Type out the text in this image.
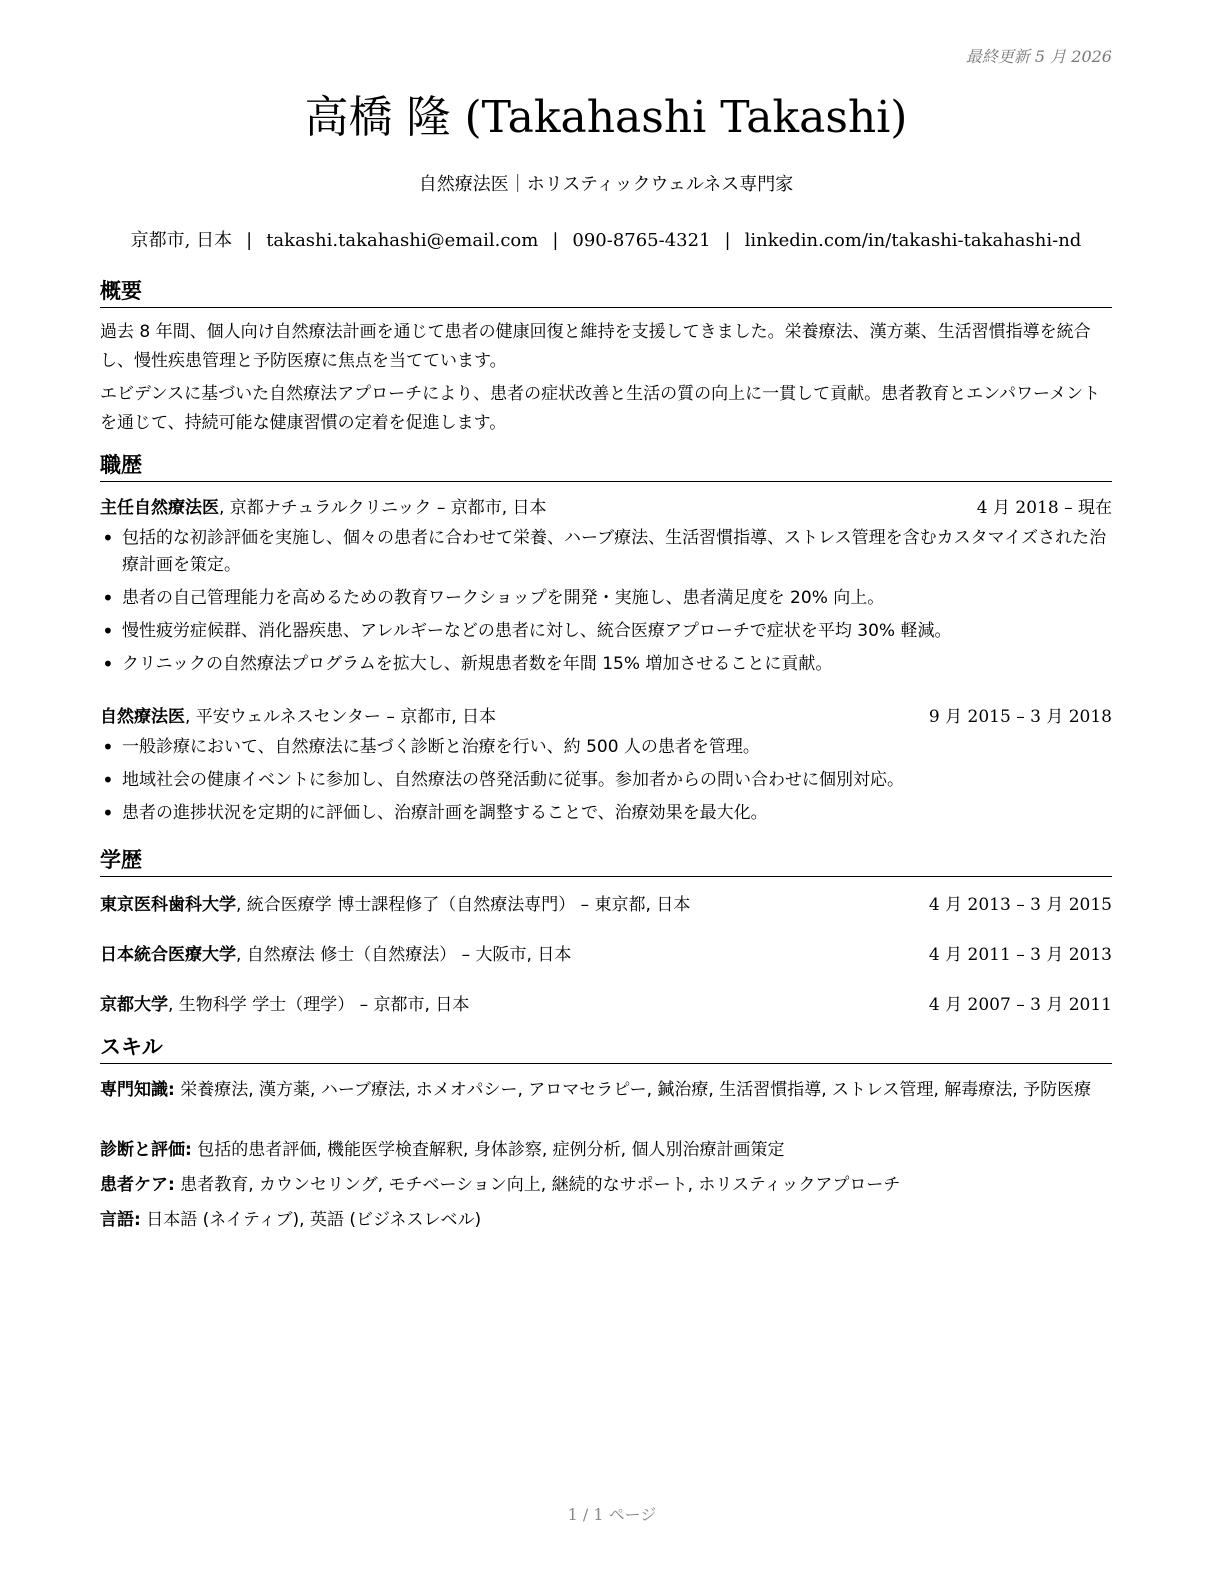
最終更新 5 月 2026
高橋 隆 (Takahashi Takashi)
自然療法医｜ホリスティックウェルネス専門家
京都市, 日本 | takashi.takahashi@email.com | 090-8765-4321 | linkedin.com/in/takashi-takahashi-nd
概要
過去 8 年間、個人向け自然療法計画を通じて患者の健康回復と維持を支援してきました。栄養療法、漢方薬、生活習慣指導を統合し、慢性疾患管理と予防医療に焦点を当てています。
エビデンスに基づいた自然療法アプローチにより、患者の症状改善と生活の質の向上に一貫して貢献。患者教育とエンパワーメントを通じて、持続可能な健康習慣の定着を促進します。
職歴
主任自然療法医, 京都ナチュラルクリニック – 京都市, 日本	4 月 2018 – 現在
• 包括的な初診評価を実施し、個々の患者に合わせて栄養、ハーブ療法、生活習慣指導、ストレス管理を含むカスタマイズされた治療計画を策定。
• 患者の自己管理能力を高めるための教育ワークショップを開発・実施し、患者満足度を 20% 向上。
• 慢性疲労症候群、消化器疾患、アレルギーなどの患者に対し、統合医療アプローチで症状を平均 30% 軽減。
• クリニックの自然療法プログラムを拡大し、新規患者数を年間 15% 増加させることに貢献。
自然療法医, 平安ウェルネスセンター – 京都市, 日本	9 月 2015 – 3 月 2018
• 一般診療において、自然療法に基づく診断と治療を行い、約 500 人の患者を管理。
• 地域社会の健康イベントに参加し、自然療法の啓発活動に従事。参加者からの問い合わせに個別対応。
• 患者の進捗状況を定期的に評価し、治療計画を調整することで、治療効果を最大化。
学歴
東京医科歯科大学, 統合医療学 博士課程修了（自然療法専門） – 東京都, 日本	4 月 2013 – 3 月 2015
日本統合医療大学, 自然療法 修士（自然療法） – 大阪市, 日本	4 月 2011 – 3 月 2013
京都大学, 生物科学 学士（理学） – 京都市, 日本	4 月 2007 – 3 月 2011
スキル
専門知識: 栄養療法, 漢方薬, ハーブ療法, ホメオパシー, アロマセラピー, 鍼治療, 生活習慣指導, ストレス管理, 解毒療法, 予防医療
診断と評価: 包括的患者評価, 機能医学検査解釈, 身体診察, 症例分析, 個人別治療計画策定
患者ケア: 患者教育, カウンセリング, モチベーション向上, 継続的なサポート, ホリスティックアプローチ
言語: 日本語 (ネイティブ), 英語 (ビジネスレベル)
1 / 1 ページ
